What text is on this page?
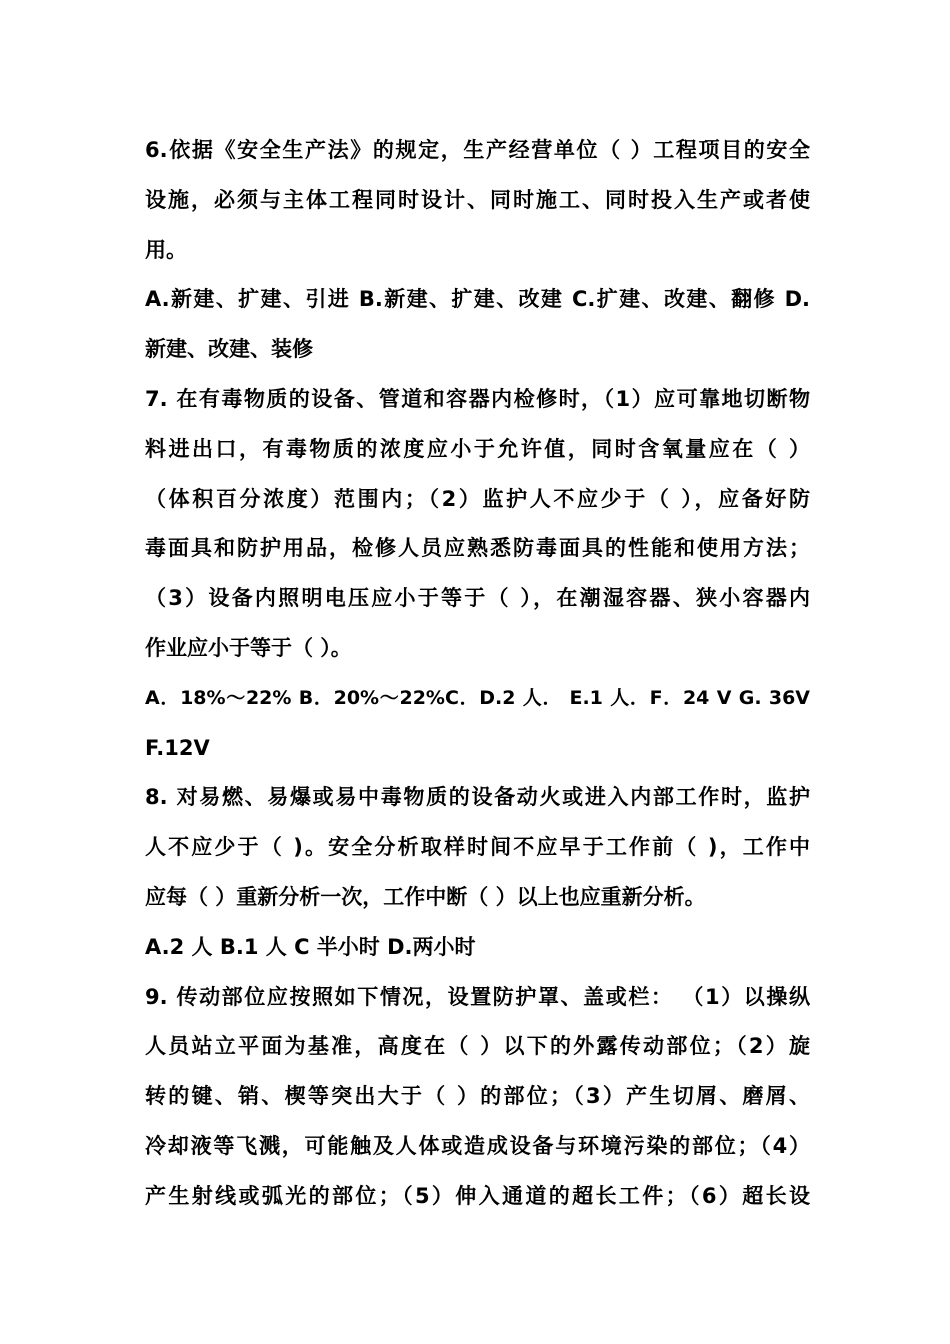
6.依据《安全生产法》的规定，生产经营单位（ ）工程项目的安全
设施，必须与主体工程同时设计、同时施工、同时投入生产或者使
用。
A.新建、扩建、引进 B.新建、扩建、改建 C.扩建、改建、翻修 D.
新建、改建、装修
7. 在有毒物质的设备、管道和容器内检修时，（1）应可靠地切断物
料进出口，有毒物质的浓度应小于允许值，同时含氧量应在（ ）
（体积百分浓度）范围内；（2）监护人不应少于（ ），应备好防
毒面具和防护用品，检修人员应熟悉防毒面具的性能和使用方法；
（3）设备内照明电压应小于等于（ ），在潮湿容器、狭小容器内
作业应小于等于（ ）。
A．18%～22% B．20%～22%C．D.2 人． E.1 人．F．24 V G. 36V
F.12V
8. 对易燃、易爆或易中毒物质的设备动火或进入内部工作时，监护
人不应少于（ )。安全分析取样时间不应早于工作前（ )，工作中
应每（ ）重新分析一次，工作中断（ ）以上也应重新分析。
A.2 人 B.1 人 C 半小时 D.两小时
9. 传动部位应按照如下情况，设置防护罩、盖或栏： （1）以操纵
人员站立平面为基准，高度在（ ）以下的外露传动部位；（2）旋
转的键、销、楔等突出大于（ ）的部位；（3）产生切屑、磨屑、
冷却液等飞溅，可能触及人体或造成设备与环境污染的部位；（4）
产生射线或弧光的部位；（5）伸入通道的超长工件；（6）超长设
